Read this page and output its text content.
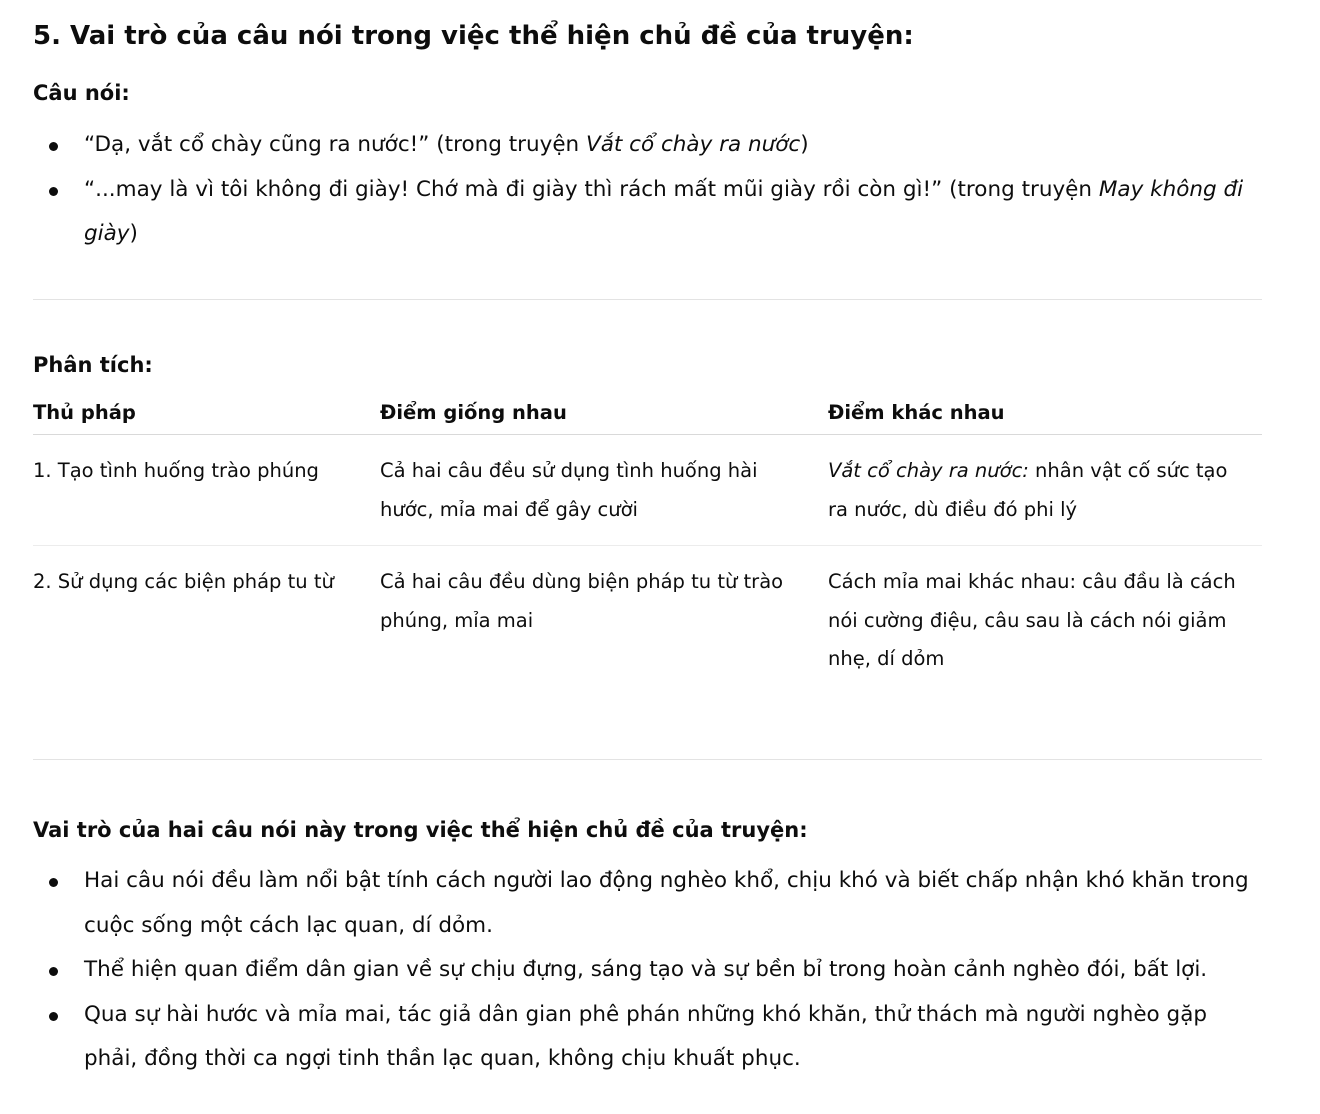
5. Vai trò của câu nói trong việc thể hiện chủ đề của truyện:
Câu nói:
“Dạ, vắt cổ chày cũng ra nước!” (trong truyện Vắt cổ chày ra nước)
“...may là vì tôi không đi giày! Chớ mà đi giày thì rách mất mũi giày rồi còn gì!” (trong truyện May không đi giày)
Phân tích:
Thủ pháp	Điểm giống nhau	Điểm khác nhau
1. Tạo tình huống trào phúng	Cả hai câu đều sử dụng tình huống hài hước, mỉa mai để gây cười	Vắt cổ chày ra nước: nhân vật cố sức tạo ra nước, dù điều đó phi lý
2. Sử dụng các biện pháp tu từ	Cả hai câu đều dùng biện pháp tu từ trào phúng, mỉa mai	Cách mỉa mai khác nhau: câu đầu là cách nói cường điệu, câu sau là cách nói giảm nhẹ, dí dỏm
Vai trò của hai câu nói này trong việc thể hiện chủ đề của truyện:
Hai câu nói đều làm nổi bật tính cách người lao động nghèo khổ, chịu khó và biết chấp nhận khó khăn trong cuộc sống một cách lạc quan, dí dỏm.
Thể hiện quan điểm dân gian về sự chịu đựng, sáng tạo và sự bền bỉ trong hoàn cảnh nghèo đói, bất lợi.
Qua sự hài hước và mỉa mai, tác giả dân gian phê phán những khó khăn, thử thách mà người nghèo gặp phải, đồng thời ca ngợi tinh thần lạc quan, không chịu khuất phục.
